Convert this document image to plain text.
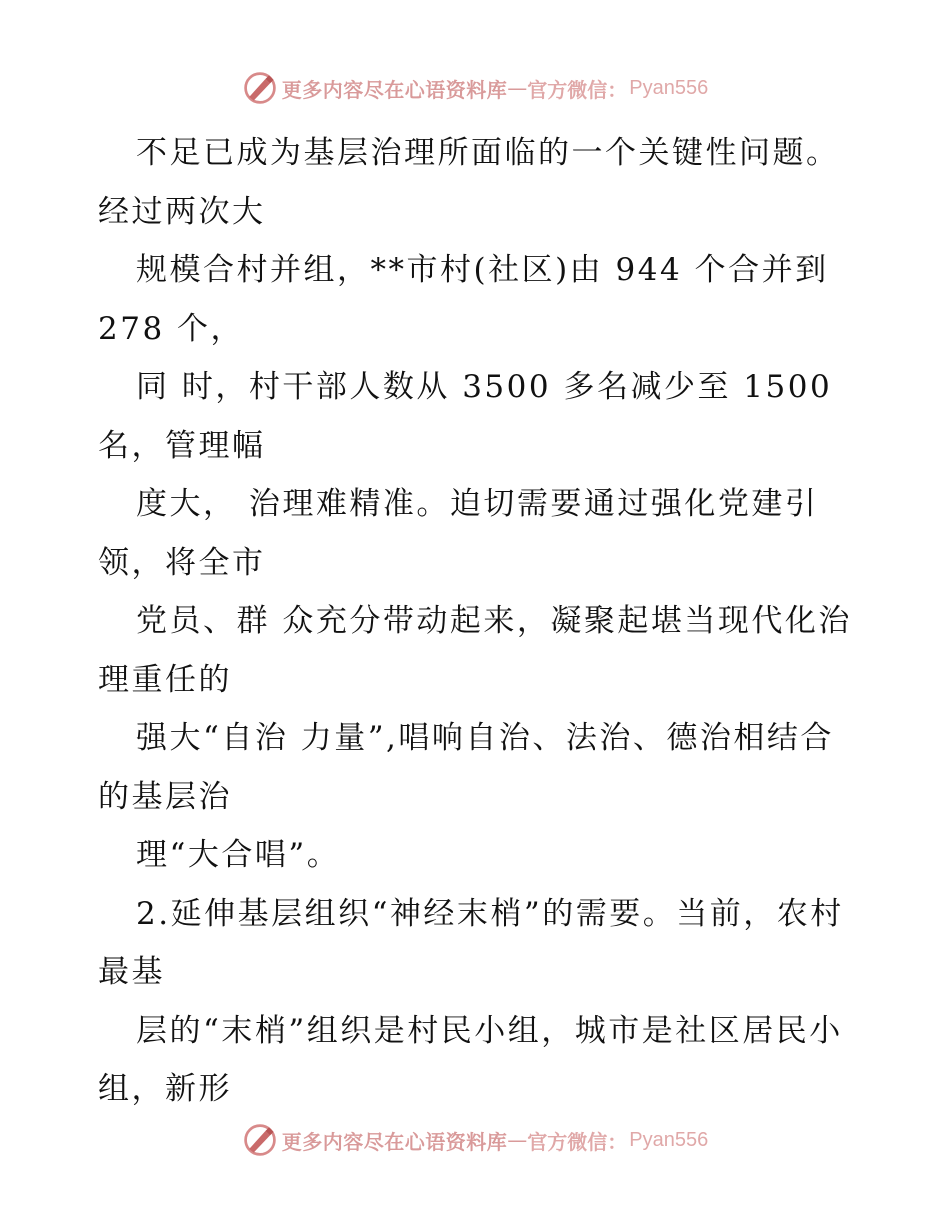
更多内容尽在心语资料库 — 官方微信： Pyan556

不足已成为基层治理所面临的一个关键性问题。经过两次大

规模合村并组，**市村(社区)由 944 个合并到 278 个，

同 时，村干部人数从 3500 多名减少至 1500 名，管理幅

度大， 治理难精准。迫切需要通过强化党建引领，将全市

党员、群 众充分带动起来，凝聚起堪当现代化治理重任的

强大“自治 力量”,唱响自治、法治、德治相结合的基层治

理“大合唱”。

2.延伸基层组织“神经末梢”的需要。当前，农村最基

层的“末梢”组织是村民小组，城市是社区居民小组，新形

更多内容尽在心语资料库 — 官方微信： Pyan556
